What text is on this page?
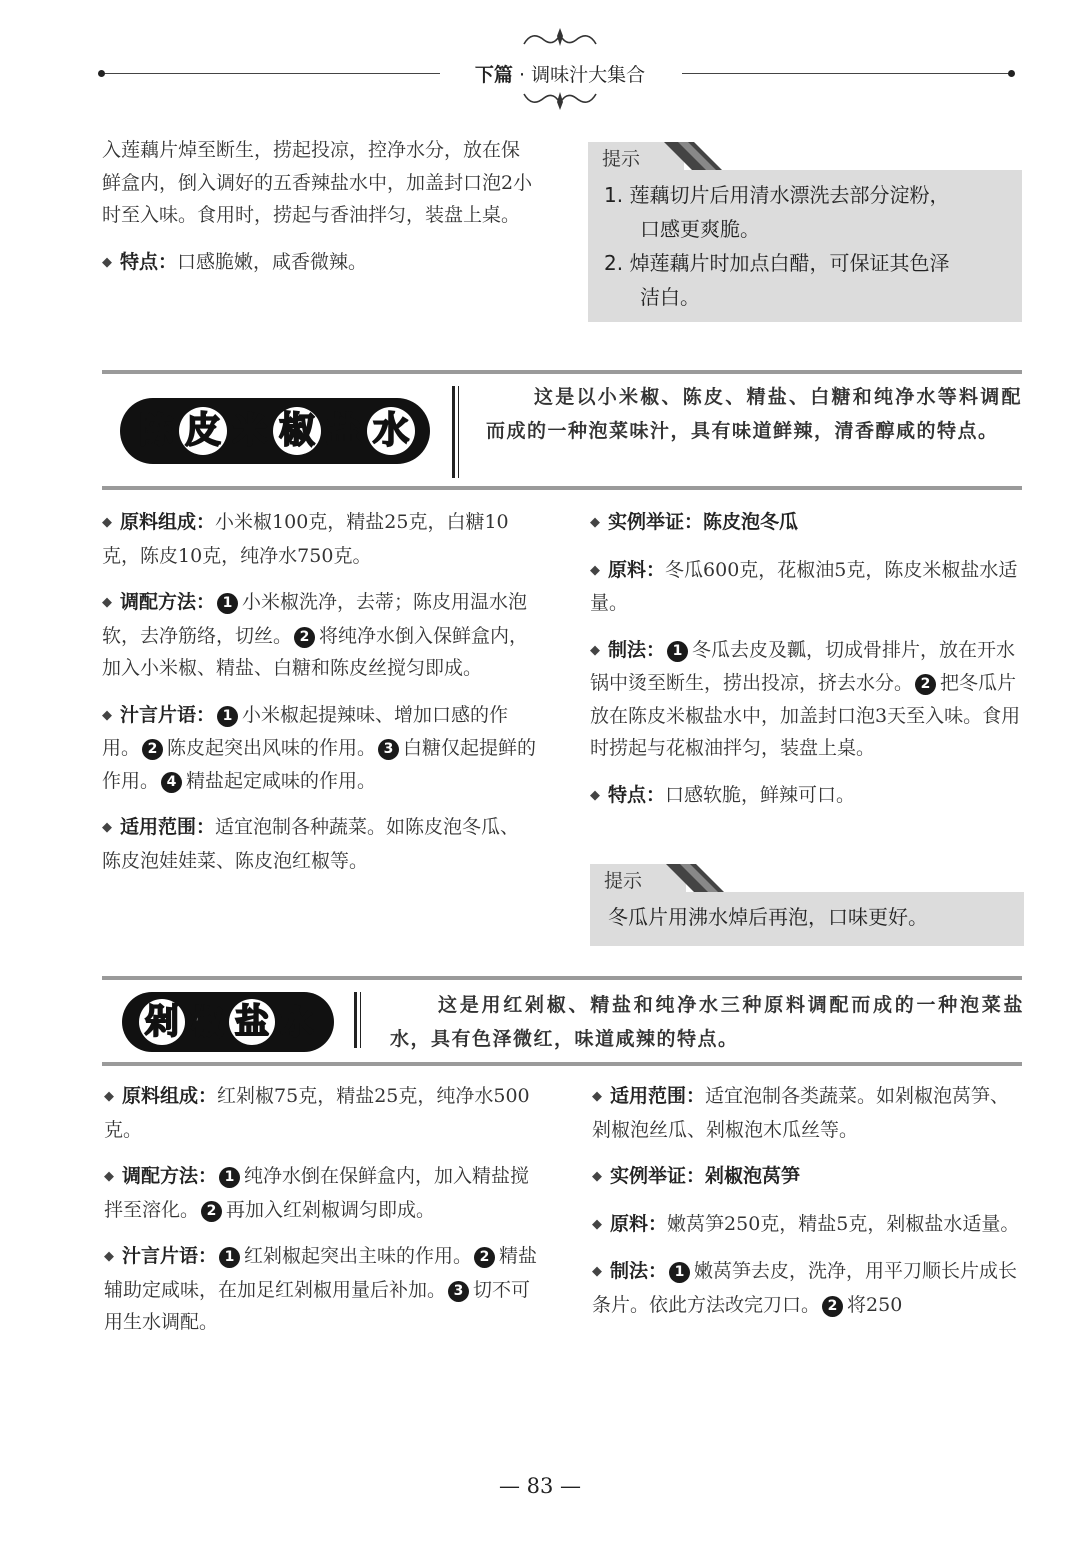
下篇 · 调味汁大集合

入莲藕片焯至断生，捞起投凉，控净水分，放在保鲜盒内，倒入调好的五香辣盐水中，加盖封口泡2小时至入味。食用时，捞起与香油拌匀，装盘上桌。

◆ 特点：口感脆嫩，咸香微辣。

提示
1. 莲藕切片后用清水漂洗去部分淀粉，
口感更爽脆。
2. 焯莲藕片时加点白醋，可保证其色泽
洁白。
陈 皮 米 椒 盐 水
这是以小米椒、陈皮、精盐、白糖和纯净水等料调配而成的一种泡菜味汁，具有味道鲜辣，清香醇咸的特点。

◆ 原料组成：小米椒100克，精盐25克，白糖10克，陈皮10克，纯净水750克。

◆ 调配方法： 1 小米椒洗净，去蒂；陈皮用温水泡软，去净筋络，切丝。 2 将纯净水倒入保鲜盒内，加入小米椒、精盐、白糖和陈皮丝搅匀即成。

◆ 汁言片语： 1 小米椒起提辣味、增加口感的作用。 2 陈皮起突出风味的作用。 3 白糖仅起提鲜的作用。 4 精盐起定咸味的作用。

◆ 适用范围：适宜泡制各种蔬菜。如陈皮泡冬瓜、陈皮泡娃娃菜、陈皮泡红椒等。

◆ 实例举证：陈皮泡冬瓜

◆ 原料：冬瓜600克，花椒油5克，陈皮米椒盐水适量。

◆ 制法： 1 冬瓜去皮及瓤，切成骨排片，放在开水锅中烫至断生，捞出投凉，挤去水分。 2 把冬瓜片放在陈皮米椒盐水中，加盖封口泡3天至入味。食用时捞起与花椒油拌匀，装盘上桌。

◆ 特点：口感软脆，鲜辣可口。

提示
冬瓜片用沸水焯后再泡，口味更好。
剁 椒 盐 水	这是用红剁椒、精盐和纯净水三种原料调配而成的一种泡菜盐水，具有色泽微红，味道咸辣的特点。

◆ 原料组成：红剁椒75克，精盐25克，纯净水500克。

◆ 调配方法： 1 纯净水倒在保鲜盒内，加入精盐搅拌至溶化。 2 再加入红剁椒调匀即成。

◆ 汁言片语： 1 红剁椒起突出主味的作用。 2 精盐辅助定咸味，在加足红剁椒用量后补加。 3 切不可用生水调配。

◆ 适用范围：适宜泡制各类蔬菜。如剁椒泡莴笋、剁椒泡丝瓜、剁椒泡木瓜丝等。

◆ 实例举证：剁椒泡莴笋

◆ 原料：嫩莴笋250克，精盐5克，剁椒盐水适量。

◆ 制法： 1 嫩莴笋去皮，洗净，用平刀顺长片成长条片。依此方法改完刀口。 2 将250

— 83 —
